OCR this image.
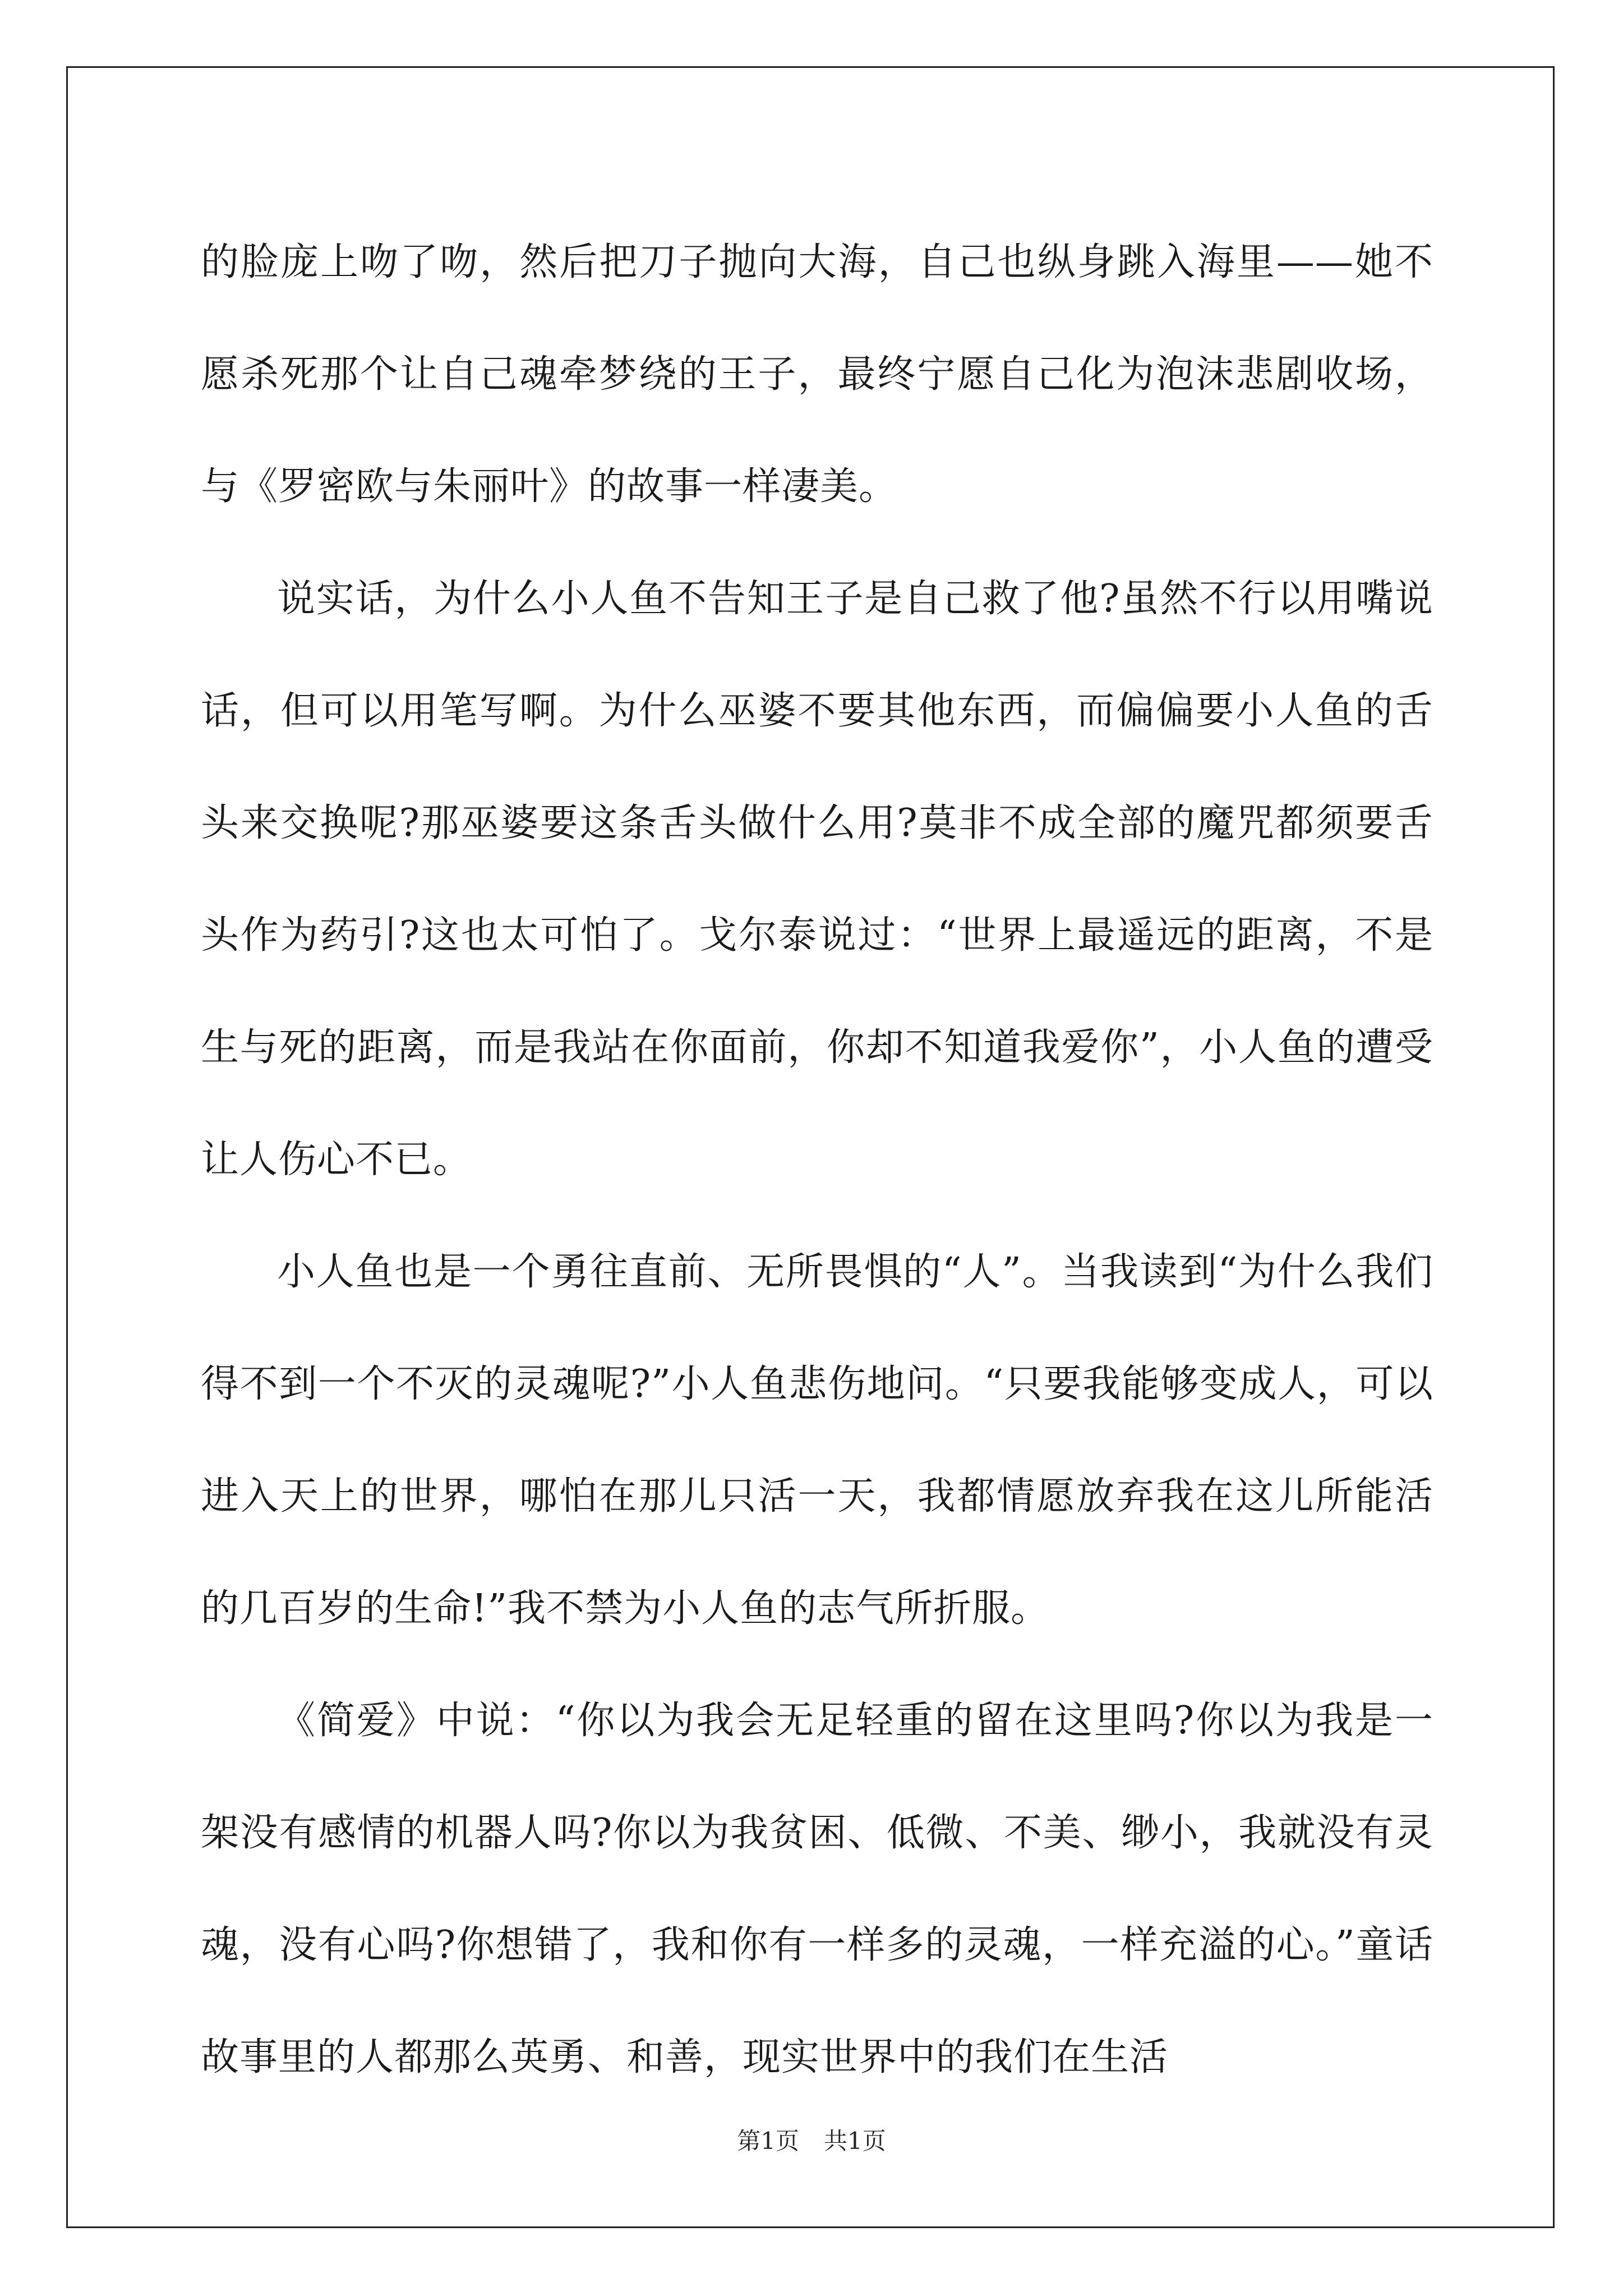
的脸庞上吻了吻，然后把刀子抛向大海，自己也纵身跳入海里——她不愿杀死那个让自己魂牵梦绕的王子，最终宁愿自己化为泡沫悲剧收场，与《罗密欧与朱丽叶》的故事一样凄美。

说实话，为什么小人鱼不告知王子是自己救了他?虽然不行以用嘴说话，但可以用笔写啊。为什么巫婆不要其他东西，而偏偏要小人鱼的舌头来交换呢?那巫婆要这条舌头做什么用?莫非不成全部的魔咒都须要舌头作为药引?这也太可怕了。戈尔泰说过：“世界上最遥远的距离，不是生与死的距离，而是我站在你面前，你却不知道我爱你”，小人鱼的遭受让人伤心不已。

小人鱼也是一个勇往直前、无所畏惧的“人”。当我读到“为什么我们得不到一个不灭的灵魂呢?”小人鱼悲伤地问。“只要我能够变成人，可以进入天上的世界，哪怕在那儿只活一天，我都情愿放弃我在这儿所能活的几百岁的生命!”我不禁为小人鱼的志气所折服。

《简爱》中说：“你以为我会无足轻重的留在这里吗?你以为我是一架没有感情的机器人吗?你以为我贫困、低微、不美、缈小，我就没有灵魂，没有心吗?你想错了，我和你有一样多的灵魂，一样充溢的心。”童话故事里的人都那么英勇、和善，现实世界中的我们在生活

第1页 共1页
